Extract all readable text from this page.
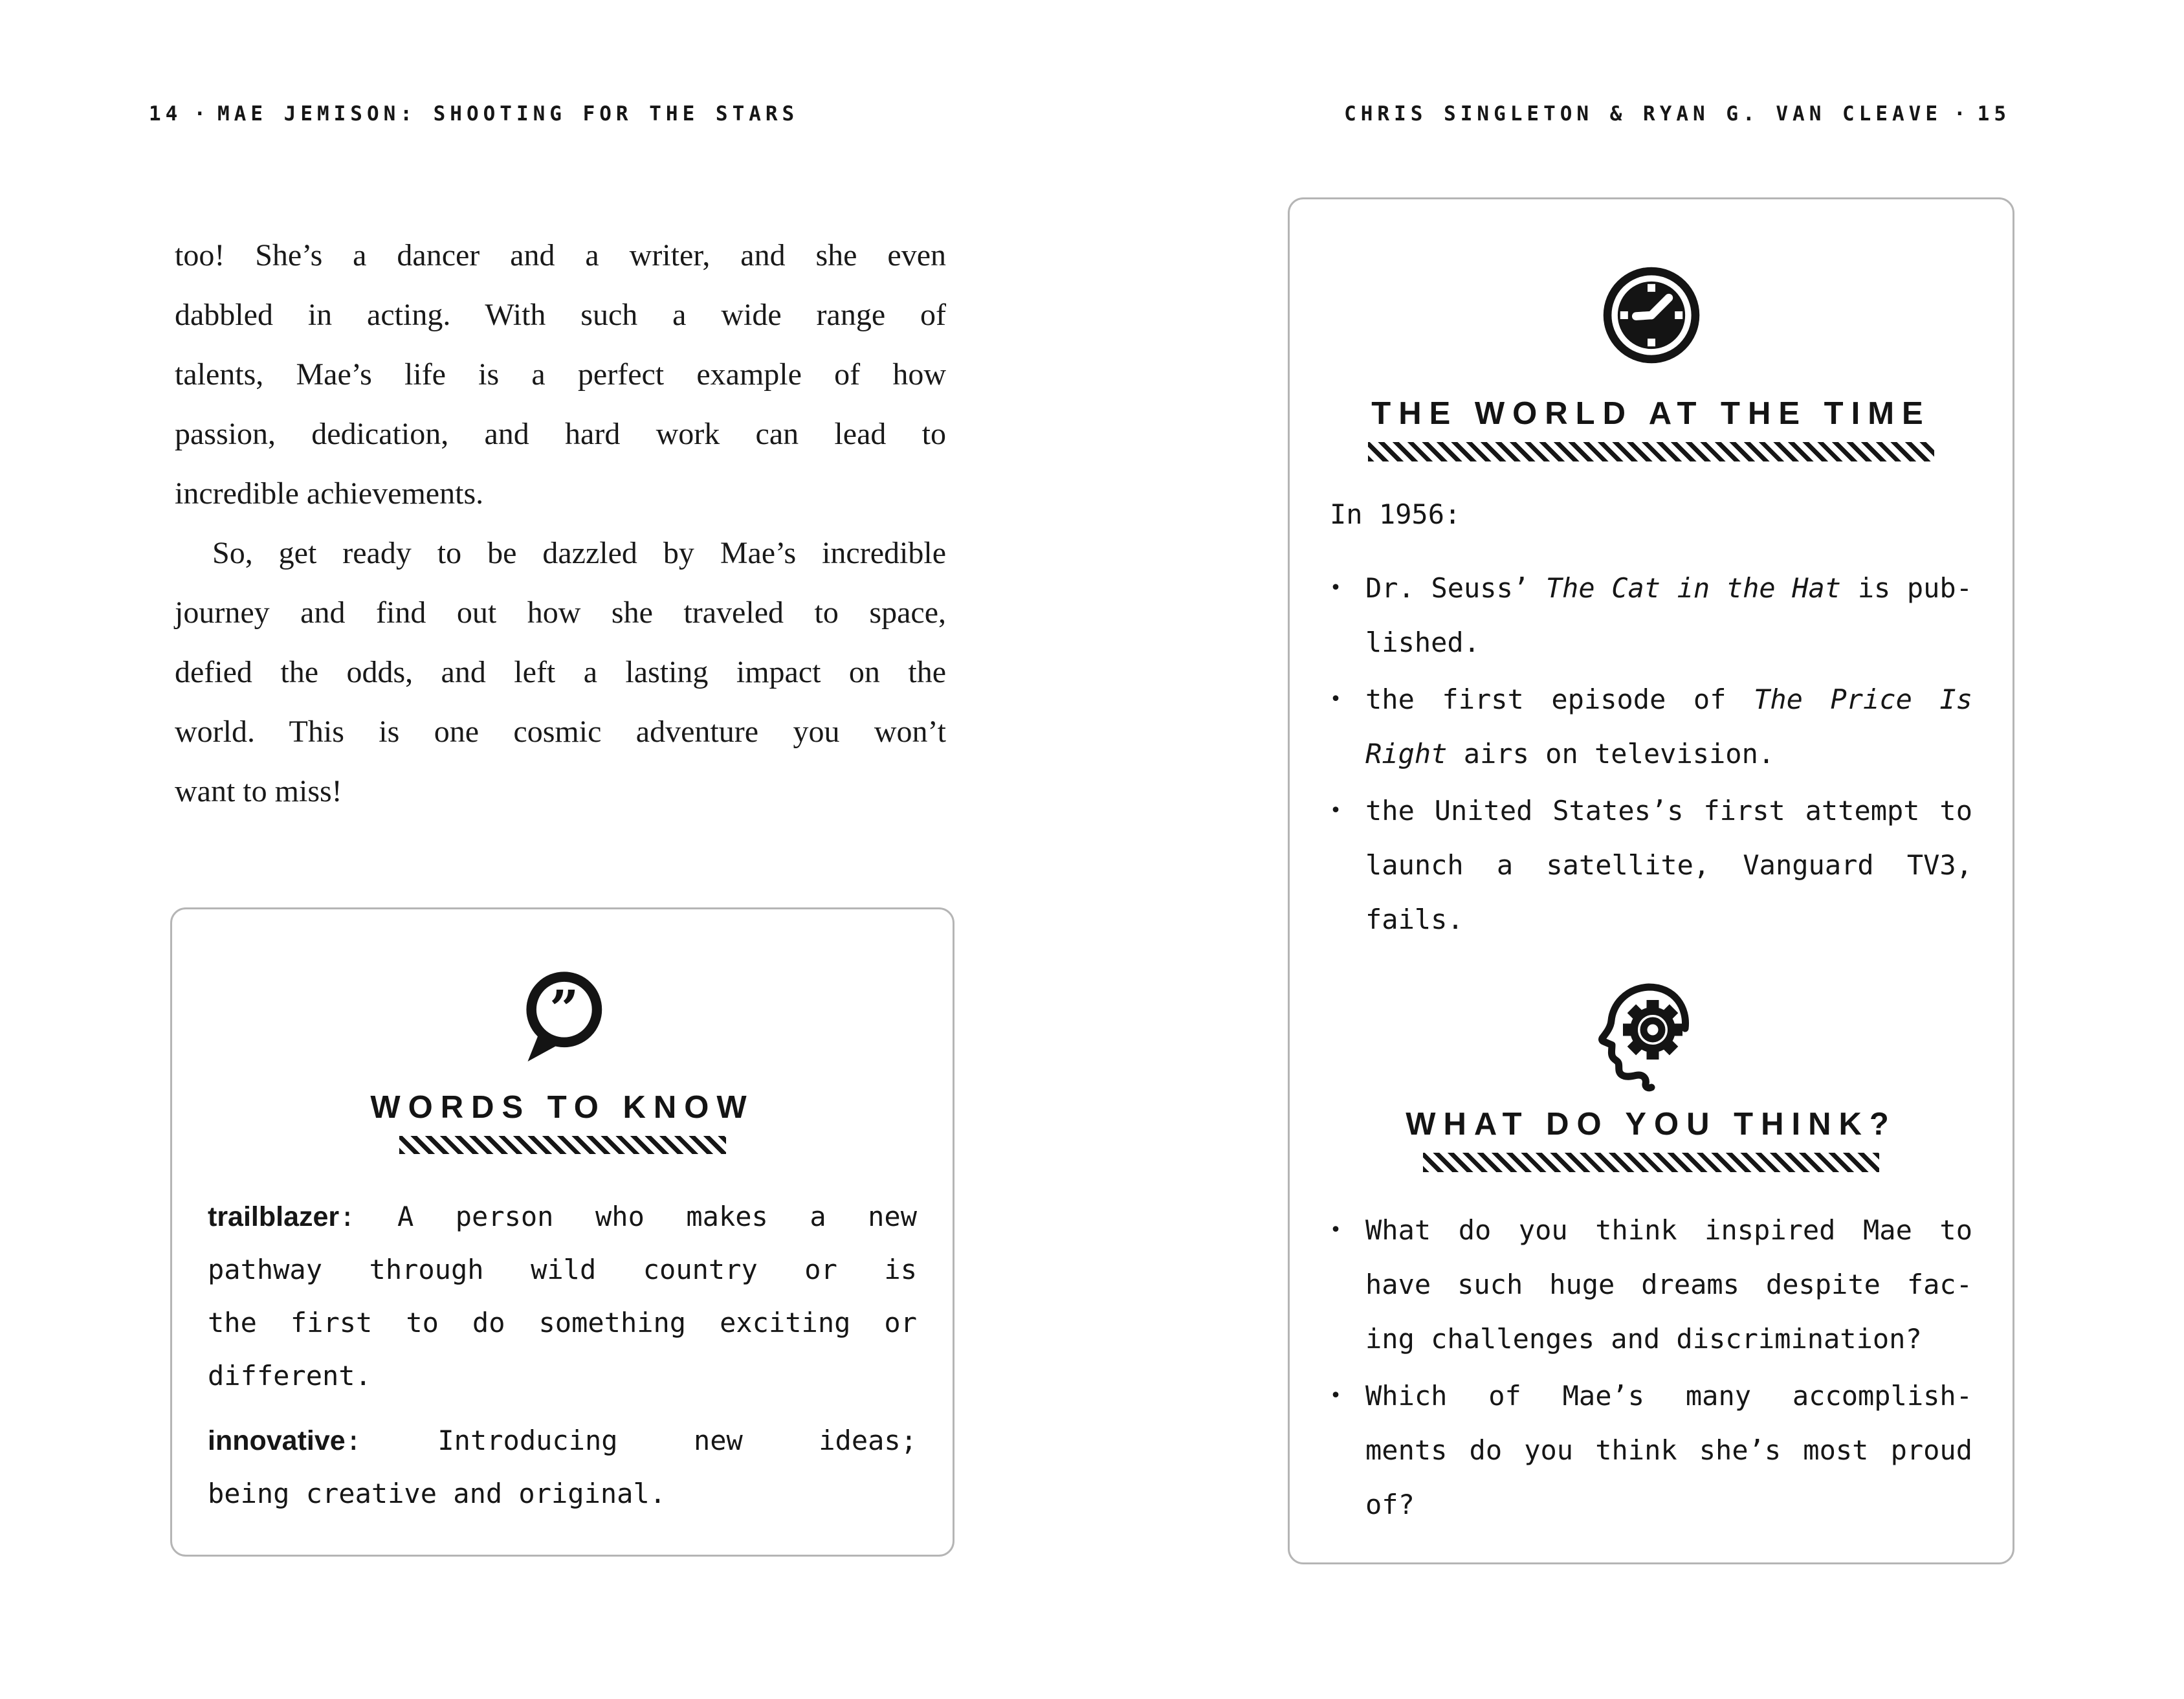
14 · MAE JEMISON: SHOOTING FOR THE STARS	CHRIS SINGLETON & RYAN G. VAN CLEAVE · 15
too! She’s a dancer and a writer, and she even
dabbled in acting. With such a wide range of
talents, Mae’s life is a perfect example of how
passion, dedication, and hard work can lead to
incredible achievements.
So, get ready to be dazzled by Mae’s incredible
journey and find out how she traveled to space,
defied the odds, and left a lasting impact on the
world. This is one cosmic adventure you won’t
want to miss!
”
WORDS TO KNOW

trailblazer: A person who makes a new
pathway through wild country or is
the first to do something exciting or
different.

innovative: Introducing new ideas;
being creative and original.

THE WORLD AT THE TIME
In 1956:
• Dr. Seuss’ The Cat in the Hat is pub-
lished.
• the first episode of The Price Is
Right airs on television.
• the United States’s first attempt to
launch a satellite, Vanguard TV3,
fails.
WHAT DO YOU THINK?
• What do you think inspired Mae to
have such huge dreams despite fac-
ing challenges and discrimination?
• Which of Mae’s many accomplish-
ments do you think she’s most proud
of?
